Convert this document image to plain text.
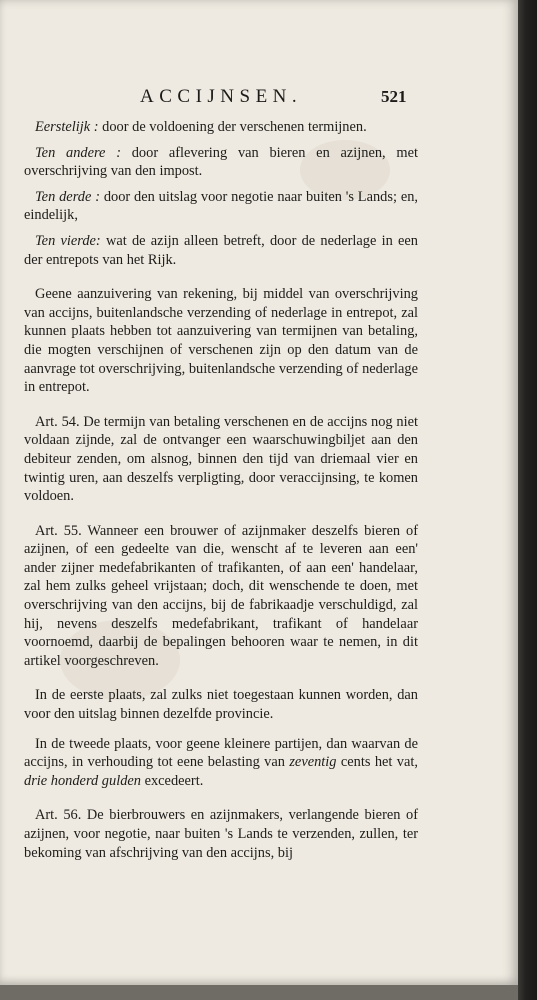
ACCIJNSEN.	521

Eerstelijk : door de voldoening der verschenen termijnen.

Ten andere : door aflevering van bieren en azijnen, met overschrijving van den impost.

Ten derde : door den uitslag voor negotie naar buiten 's Lands; en, eindelijk,

Ten vierde: wat de azijn alleen betreft, door de nederlage in een der entrepots van het Rijk.

Geene aanzuivering van rekening, bij middel van overschrijving van accijns, buitenlandsche verzending of nederlage in entrepot, zal kunnen plaats hebben tot aanzuivering van termijnen van betaling, die mogten verschijnen of verschenen zijn op den datum van de aanvrage tot overschrijving, buitenlandsche verzending of nederlage in entrepot.

Art. 54. De termijn van betaling verschenen en de accijns nog niet voldaan zijnde, zal de ontvanger een waarschuwingbiljet aan den debiteur zenden, om alsnog, binnen den tijd van driemaal vier en twintig uren, aan deszelfs verpligting, door veraccijnsing, te komen voldoen.

Art. 55. Wanneer een brouwer of azijnmaker deszelfs bieren of azijnen, of een gedeelte van die, wenscht af te leveren aan een' ander zijner medefabrikanten of trafikanten, of aan een' handelaar, zal hem zulks geheel vrijstaan; doch, dit wenschende te doen, met overschrijving van den accijns, bij de fabrikaadje verschuldigd, zal hij, nevens deszelfs medefabrikant, trafikant of handelaar voornoemd, daarbij de bepalingen behooren waar te nemen, in dit artikel voorgeschreven.

In de eerste plaats, zal zulks niet toegestaan kunnen worden, dan voor den uitslag binnen dezelfde provincie.

In de tweede plaats, voor geene kleinere partijen, dan waarvan de accijns, in verhouding tot eene belasting van zeventig cents het vat, drie honderd gulden excedeert.

Art. 56. De bierbrouwers en azijnmakers, verlangende bieren of azijnen, voor negotie, naar buiten 's Lands te verzenden, zullen, ter bekoming van afschrijving van den accijns, bij
